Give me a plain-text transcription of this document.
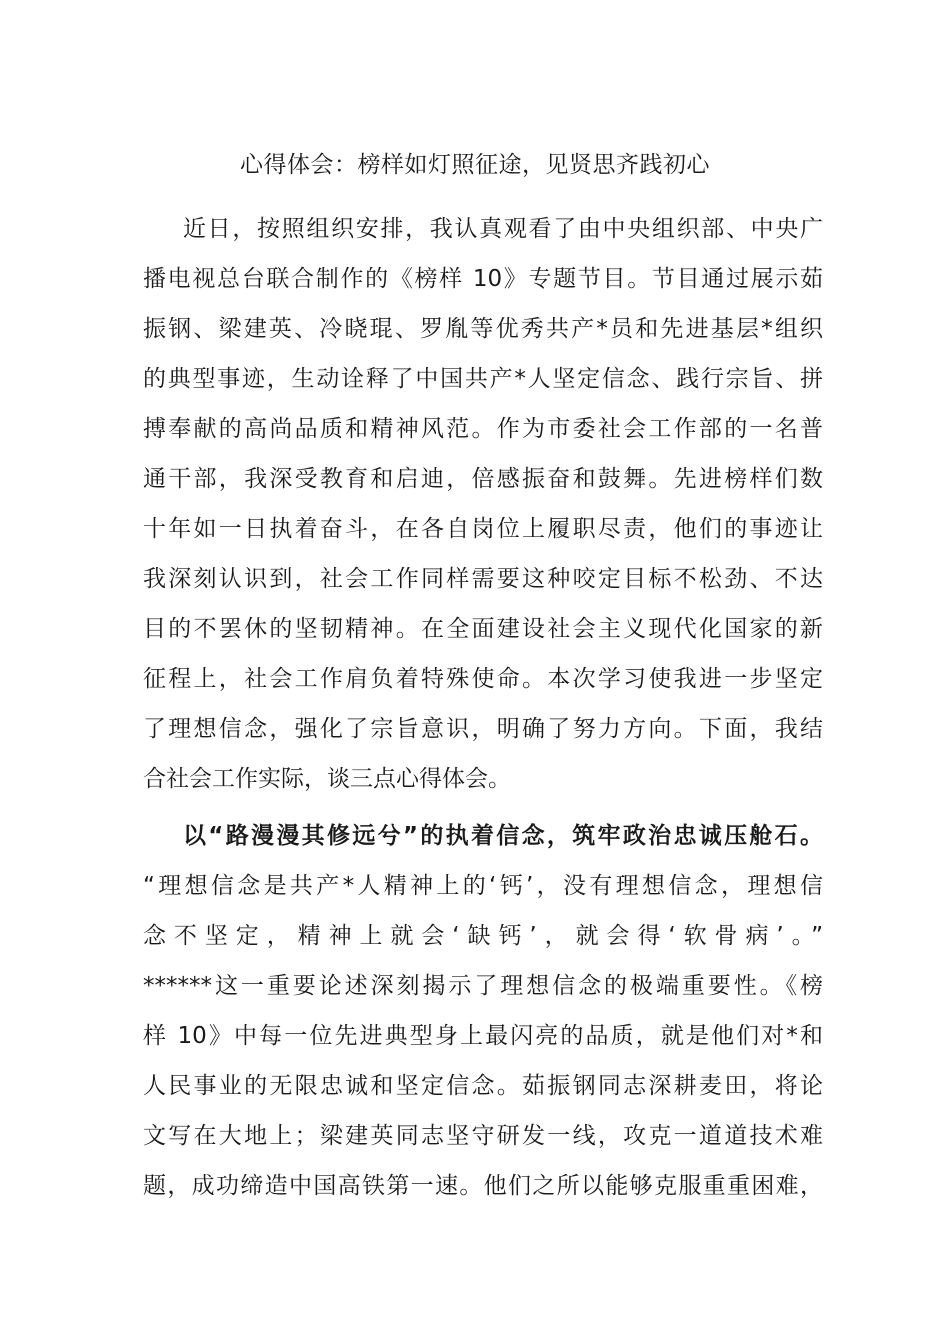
心得体会：榜样如灯照征途，见贤思齐践初心
近日，按照组织安排，我认真观看了由中央组织部、中央广
播电视总台联合制作的《榜样 10》专题节目。节目通过展示茹
振钢、梁建英、冷晓琨、罗胤等优秀共产*员和先进基层*组织
的典型事迹，生动诠释了中国共产*人坚定信念、践行宗旨、拼
搏奉献的高尚品质和精神风范。作为市委社会工作部的一名普
通干部，我深受教育和启迪，倍感振奋和鼓舞。先进榜样们数
十年如一日执着奋斗，在各自岗位上履职尽责，他们的事迹让
我深刻认识到，社会工作同样需要这种咬定目标不松劲、不达
目的不罢休的坚韧精神。在全面建设社会主义现代化国家的新
征程上，社会工作肩负着特殊使命。本次学习使我进一步坚定
了理想信念，强化了宗旨意识，明确了努力方向。下面，我结
合社会工作实际，谈三点心得体会。
以“路漫漫其修远兮”的执着信念，筑牢政治忠诚压舱石。
“理想信念是共产*人精神上的‘钙’，没有理想信念，理想信
念不坚定，精神上就会‘缺钙’，就会得‘软骨病’。”
******这一重要论述深刻揭示了理想信念的极端重要性。《榜
样 10》中每一位先进典型身上最闪亮的品质，就是他们对*和
人民事业的无限忠诚和坚定信念。茹振钢同志深耕麦田，将论
文写在大地上；梁建英同志坚守研发一线，攻克一道道技术难
题，成功缔造中国高铁第一速。他们之所以能够克服重重困难，
